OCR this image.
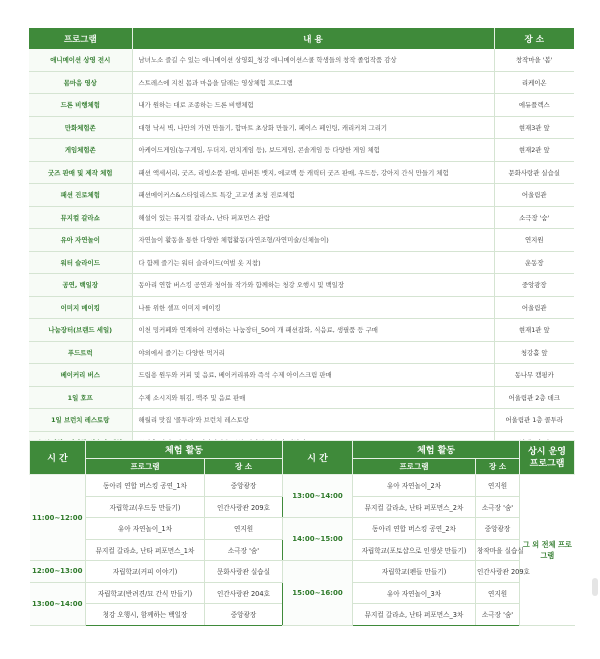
프로그램	내 용	장 소
애니메이션 상영 전시	남녀노소 즐길 수 있는 애니메이션 상영회_청강 애니메이션스쿨 학생들의 창작 졸업작품 감상	창작마을 '봄'
몸마음 영상	스트레스에 지친 몸과 마음을 달래는 영상체험 프로그램	리케이온
드론 비행체험	내가 원하는 대로 조종하는 드론 비행체험	에듀플렉스
만화체험존	대형 낙서 벽, 나만의 가면 만들기, 합마트 초상화 만들기, 페이스 페인팅, 캐리커쳐 그리기	현재3관 앞
게임체험존	아케이드게임(농구게임, 두더지, 펀치게임 등), 보드게임, 콘솔게임 등 다양한 게임 체험	현재2관 앞
굿즈 판매 및 제작 체험	패션 액세서리, 굿즈, 리빙소품 판매, 핀버튼 뱃지, 에코백 등 캐릭터 굿즈 판매, 우드등, 강아지 간식 만들기 체험	문화사랑관 실습실
패션 진로체험	패션메이커스&스타일리스트 특강_고교생 초청 진로체험	어울림관
뮤지컬 갈라쇼	해설이 있는 뮤지컬 갈라쇼, 난타 퍼포먼스 관람	소극장 '숨'
유아 자연놀이	자연놀이 활동을 통한 다양한 체험활동(자연조형/자연미술/신체놀이)	연지원
워터 슬라이드	다 함께 즐기는 워터 슬라이드(여벌 옷 지참)	운동장
공연, 백일장	동아리 연합 버스킹 공연과 청어들 작가와 함께하는 청강 오행시 및 백일장	중앙광장
이미지 메이킹	나를 위한 셀프 이미지 메이킹	어울림관
나눔장터(브랜드 세일)	이천 밍커페와 연계하여 진행하는 나눔장터_50여 개 패션잡화, 식음료, 생필품 등 구매	현재1관 앞
푸드트럭	야외에서 즐기는 다양한 먹거리	청강홀 앞
베이커리 버스	드립용 원두와 커피 및 음료, 베이커리류와 즉석 수제 아이스크림 판매	동나무 캠핑카
1일 호프	수제 소시지와 튀김, 맥주 및 음료 판매	어울림관 2층 데크
1일 브런치 레스토랑	해월리 맛집 '콜투라'와 브런치 레스토랑	어울림관 1층 콜투라

시 간	체험 활동		시 간	체험 활동		상시 운영
프로그램
	프로그램	장 소		프로그램	장 소	
11:00~12:00	동아리 연합 버스킹 공연_1차	중앙광장	13:00~14:00	유아 자연놀이_2차	연지원	그 외 전체 프로그램
	자립학교(우드등 만들기)	인간사랑관 209호		뮤지컬 갈라쇼, 난타 퍼포먼스_2차	소극장 '숨'	
	유아 자연놀이_1차	연지원	14:00~15:00	동아리 연합 버스킹 공연_2차	중앙광장	
	뮤지컬 갈라쇼, 난타 퍼포먼스_1차	소극장 '숨'		자립학교(포토샵으로 인생샷 만들기)	창작마을 실습실	
12:00~13:00	자립학교(커피 이야기)	문화사랑관 실습실	15:00~16:00	자립학교(펜들 만들기)	인간사랑관 209호	
13:00~14:00	자립학교(반려견/묘 간식 만들기)	인간사랑관 204호		유아 자연놀이_3차	연지원	
	청강 오행시, 함께하는 백일장	중앙광장		뮤지컬 갈라쇼, 난타 퍼포먼스_3차	소극장 '숨'	
